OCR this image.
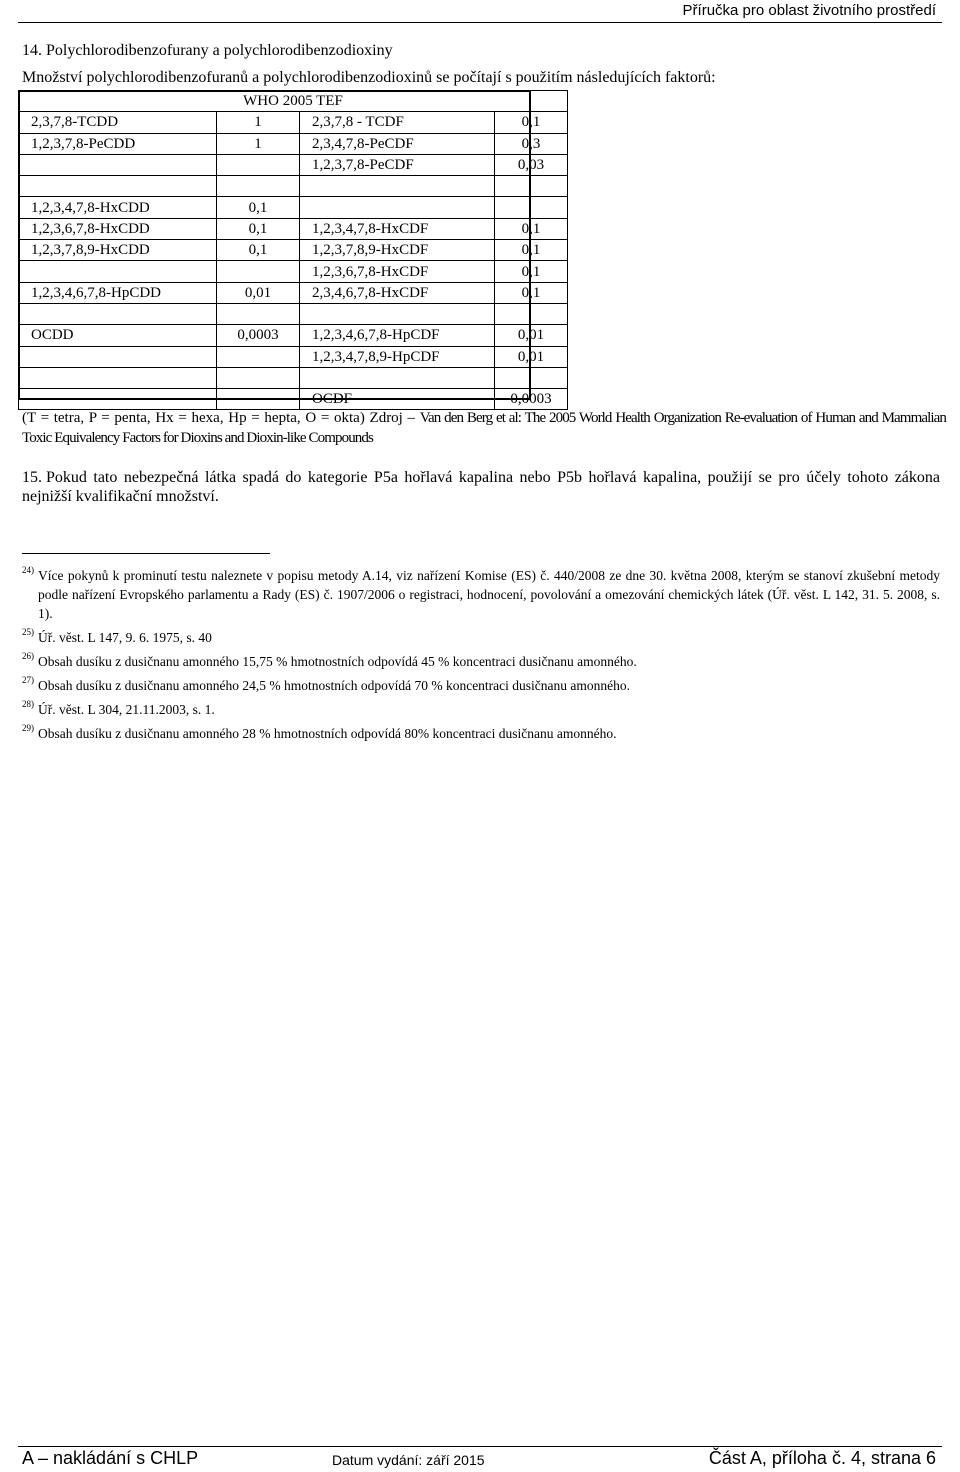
Příručka pro oblast životního prostředí
14. Polychlorodibenzofurany a polychlorodibenzodioxiny
Množství polychlorodibenzofuranů a polychlorodibenzodioxinů se počítají s použitím následujících faktorů:
WHO 2005 TEF			
2,3,7,8-TCDD	1	2,3,7,8 - TCDF	0,1
1,2,3,7,8-PeCDD	1	2,3,4,7,8-PeCDF	0,3
		1,2,3,7,8-PeCDF	0,03

1,2,3,4,7,8-HxCDD	0,1		
1,2,3,6,7,8-HxCDD	0,1	1,2,3,4,7,8-HxCDF	0,1
1,2,3,7,8,9-HxCDD	0,1	1,2,3,7,8,9-HxCDF	0,1
		1,2,3,6,7,8-HxCDF	0,1
1,2,3,4,6,7,8-HpCDD	0,01	2,3,4,6,7,8-HxCDF	0,1

OCDD	0,0003	1,2,3,4,6,7,8-HpCDF	0,01
		1,2,3,4,7,8,9-HpCDF	0,01

		OCDF	0,0003
(T = tetra, P = penta, Hx = hexa, Hp = hepta, O = okta) Zdroj – Van den Berg et al: The 2005 World Health Organization Re-evaluation of Human and Mammalian Toxic Equivalency Factors for Dioxins and Dioxin-like Compounds
15. Pokud tato nebezpečná látka spadá do kategorie P5a hořlavá kapalina nebo P5b hořlavá kapalina, použijí se pro účely tohoto zákona nejnižší kvalifikační množství.
24) Více pokynů k prominutí testu naleznete v popisu metody A.14, viz nařízení Komise (ES) č. 440/2008 ze dne 30. května 2008, kterým se stanoví zkušební metody podle nařízení Evropského parlamentu a Rady (ES) č. 1907/2006 o registraci, hodnocení, povolování a omezování chemických látek (Úř. věst. L 142, 31. 5. 2008, s. 1).
25) Úř. věst. L 147, 9. 6. 1975, s. 40
26) Obsah dusíku z dusičnanu amonného 15,75 % hmotnostních odpovídá 45 % koncentraci dusičnanu amonného.
27) Obsah dusíku z dusičnanu amonného 24,5 % hmotnostních odpovídá 70 % koncentraci dusičnanu amonného.
28) Úř. věst. L 304, 21.11.2003, s. 1.
29) Obsah dusíku z dusičnanu amonného 28 % hmotnostních odpovídá 80% koncentraci dusičnanu amonného.
A – nakládání s CHLP	Datum vydání: září 2015	Část A, příloha č. 4, strana 6
